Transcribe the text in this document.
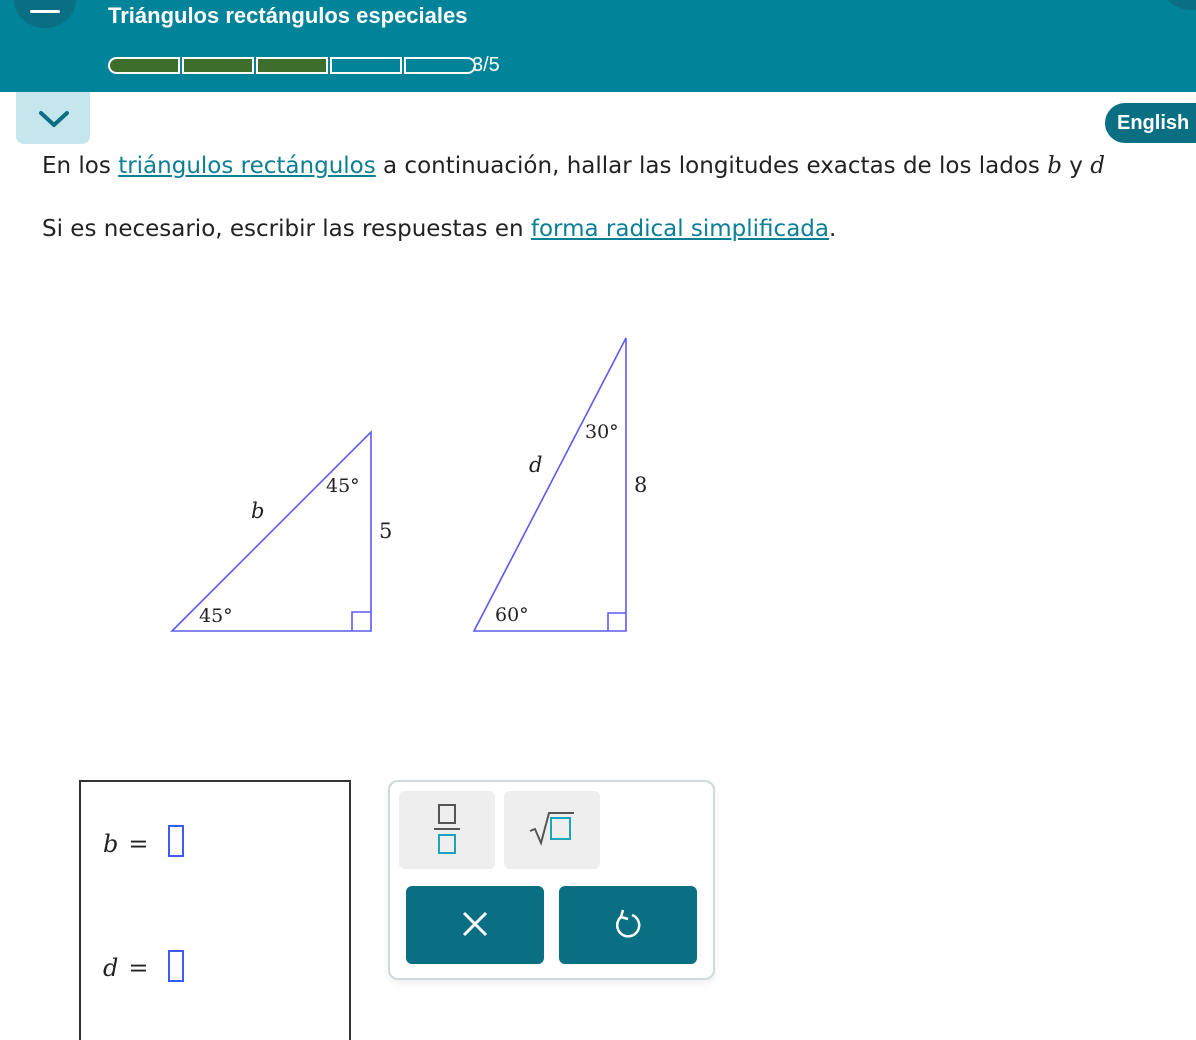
Triángulos rectángulos especiales
3/5
English
En los triángulos rectángulos a continuación, hallar las longitudes exactas de los lados b y d
Si es necesario, escribir las respuestas en forma radical simplificada.
45°
45°
b
5
60°
30°
d
8
b =
d =
